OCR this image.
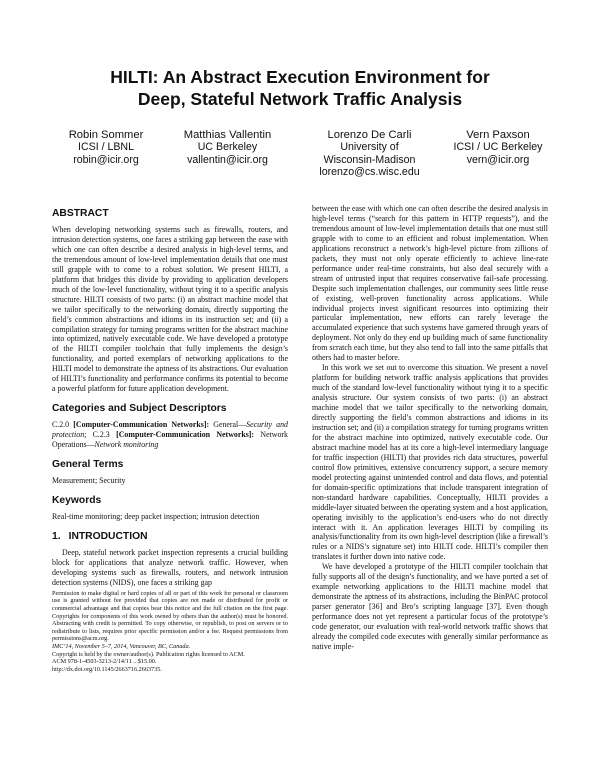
HILTI: An Abstract Execution Environment for
Deep, Stateful Network Traffic Analysis
Robin Sommer
ICSI / LBNL
robin@icir.org
Matthias Vallentin
UC Berkeley
vallentin@icir.org
Lorenzo De Carli
University of
Wisconsin-Madison
lorenzo@cs.wisc.edu
Vern Paxson
ICSI / UC Berkeley
vern@icir.org
ABSTRACT

When developing networking systems such as firewalls, routers, and intrusion detection systems, one faces a striking gap between the ease with which one can often describe a desired analysis in high-level terms, and the tremendous amount of low-level implementation details that one must still grapple with to come to a robust solution. We present HILTI, a platform that bridges this divide by providing to application developers much of the low-level functionality, without tying it to a specific analysis structure. HILTI consists of two parts: (i) an abstract machine model that we tailor specifically to the networking domain, directly supporting the field’s common abstractions and idioms in its instruction set; and (ii) a compilation strategy for turning programs written for the abstract machine into optimized, natively executable code. We have developed a prototype of the HILTI compiler toolchain that fully implements the design’s functionality, and ported exemplars of networking applications to the HILTI model to demonstrate the aptness of its abstractions. Our evaluation of HILTI’s functionality and performance confirms its potential to become a powerful platform for future application development.

Categories and Subject Descriptors

C.2.0 [Computer-Communication Networks]: General—Security and protection; C.2.3 [Computer-Communication Networks]: Network Operations—Network monitoring

General Terms

Measurement; Security

Keywords

Real-time monitoring; deep packet inspection; intrusion detection

1. INTRODUCTION

Deep, stateful network packet inspection represents a crucial building block for applications that analyze network traffic. However, when developing systems such as firewalls, routers, and network intrusion detection systems (NIDS), one faces a striking gap

Permission to make digital or hard copies of all or part of this work for personal or classroom use is granted without fee provided that copies are not made or distributed for profit or commercial advantage and that copies bear this notice and the full citation on the first page. Copyrights for components of this work owned by others than the author(s) must be honored. Abstracting with credit is permitted. To copy otherwise, or republish, to post on servers or to redistribute to lists, requires prior specific permission and/or a fee. Request permissions from permissions@acm.org.

IMC’14, November 5–7, 2014, Vancouver, BC, Canada.

Copyright is held by the owner/author(s). Publication rights licensed to ACM.

ACM 978-1-4503-3213-2/14/11 ...$15.00.

http://dx.doi.org/10.1145/2663716.2663735.

between the ease with which one can often describe the desired analysis in high-level terms (“search for this pattern in HTTP requests”), and the tremendous amount of low-level implementation details that one must still grapple with to come to an efficient and robust implementation. When applications reconstruct a network’s high-level picture from zillions of packets, they must not only operate efficiently to achieve line-rate performance under real-time constraints, but also deal securely with a stream of untrusted input that requires conservative fail-safe processing. Despite such implementation challenges, our community sees little reuse of existing, well-proven functionality across applications. While individual projects invest significant resources into optimizing their particular implementation, new efforts can rarely leverage the accumulated experience that such systems have garnered through years of deployment. Not only do they end up building much of same functionality from scratch each time, but they also tend to fall into the same pitfalls that others had to master before.

In this work we set out to overcome this situation. We present a novel platform for building network traffic analysis applications that provides much of the standard low-level functionality without tying it to a specific analysis structure. Our system consists of two parts: (i) an abstract machine model that we tailor specifically to the networking domain, directly supporting the field’s common abstractions and idioms in its instruction set; and (ii) a compilation strategy for turning programs written for the abstract machine into optimized, natively executable code. Our abstract machine model has at its core a high-level intermediary language for traffic inspection (HILTI) that provides rich data structures, powerful control flow primitives, extensive concurrency support, a secure memory model protecting against unintended control and data flows, and potential for domain-specific optimizations that include transparent integration of non-standard hardware capabilities. Conceptually, HILTI provides a middle-layer situated between the operating system and a host application, operating invisibly to the application’s end-users who do not directly interact with it. An application leverages HILTI by compiling its analysis/functionality from its own high-level description (like a firewall’s rules or a NIDS’s signature set) into HILTI code. HILTI’s compiler then translates it further down into native code.

We have developed a prototype of the HILTI compiler toolchain that fully supports all of the design’s functionality, and we have ported a set of example networking applications to the HILTI machine model that demonstrate the aptness of its abstractions, including the BinPAC protocol parser generator [36] and Bro’s scripting language [37]. Even though performance does not yet represent a particular focus of the prototype’s code generator, our evaluation with real-world network traffic shows that already the compiled code executes with generally similar performance as native imple-
